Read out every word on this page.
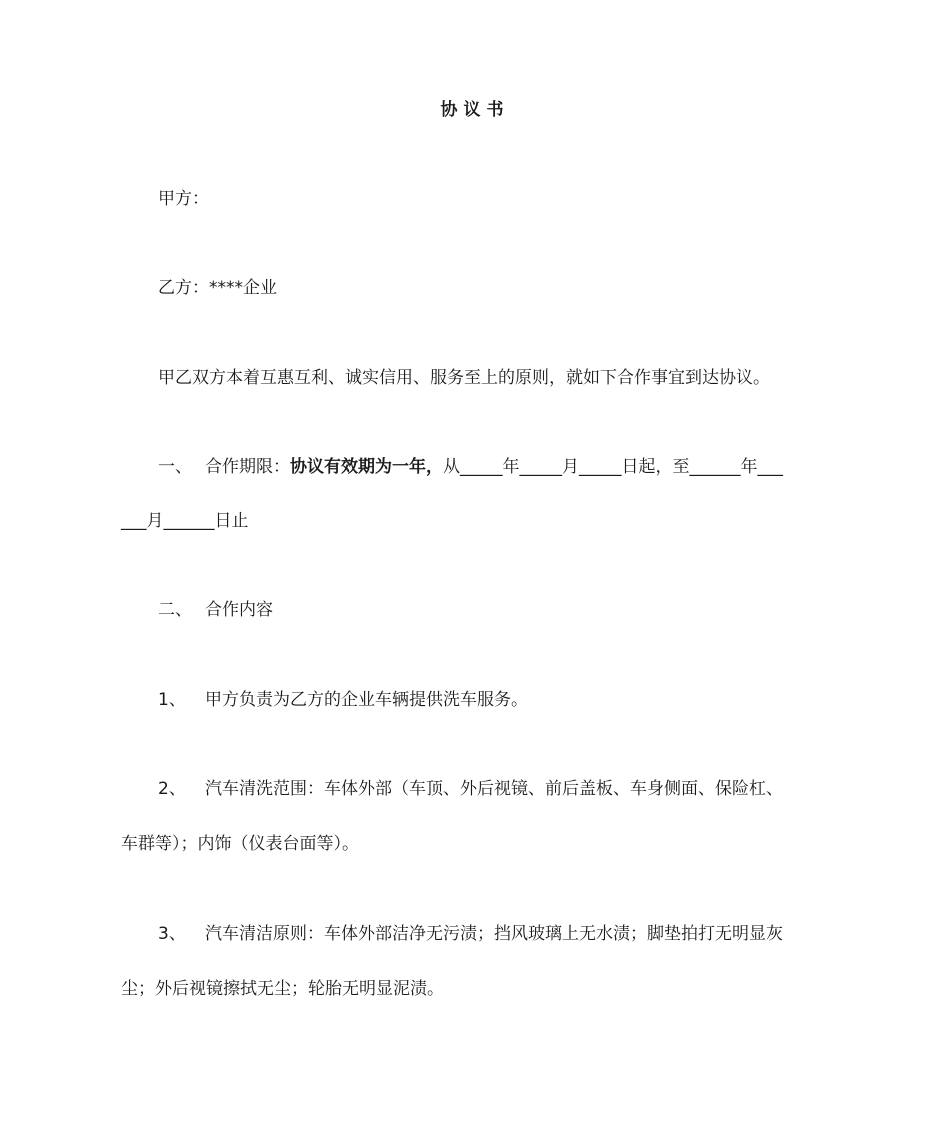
协议书
甲方：
乙方：****企业
甲乙双方本着互惠互利、诚实信用、服务至上的原则，就如下合作事宜到达协议。
一、 合作期限：协议有效期为一年，从_____年_____月_____日起，至______年___
___月______日止
二、 合作内容
1、 甲方负责为乙方的企业车辆提供洗车服务。
2、 汽车清洗范围：车体外部（车顶、外后视镜、前后盖板、车身侧面、保险杠、
车群等）；内饰（仪表台面等）。
3、 汽车清洁原则：车体外部洁净无污渍；挡风玻璃上无水渍；脚垫拍打无明显灰
尘；外后视镜擦拭无尘；轮胎无明显泥渍。
